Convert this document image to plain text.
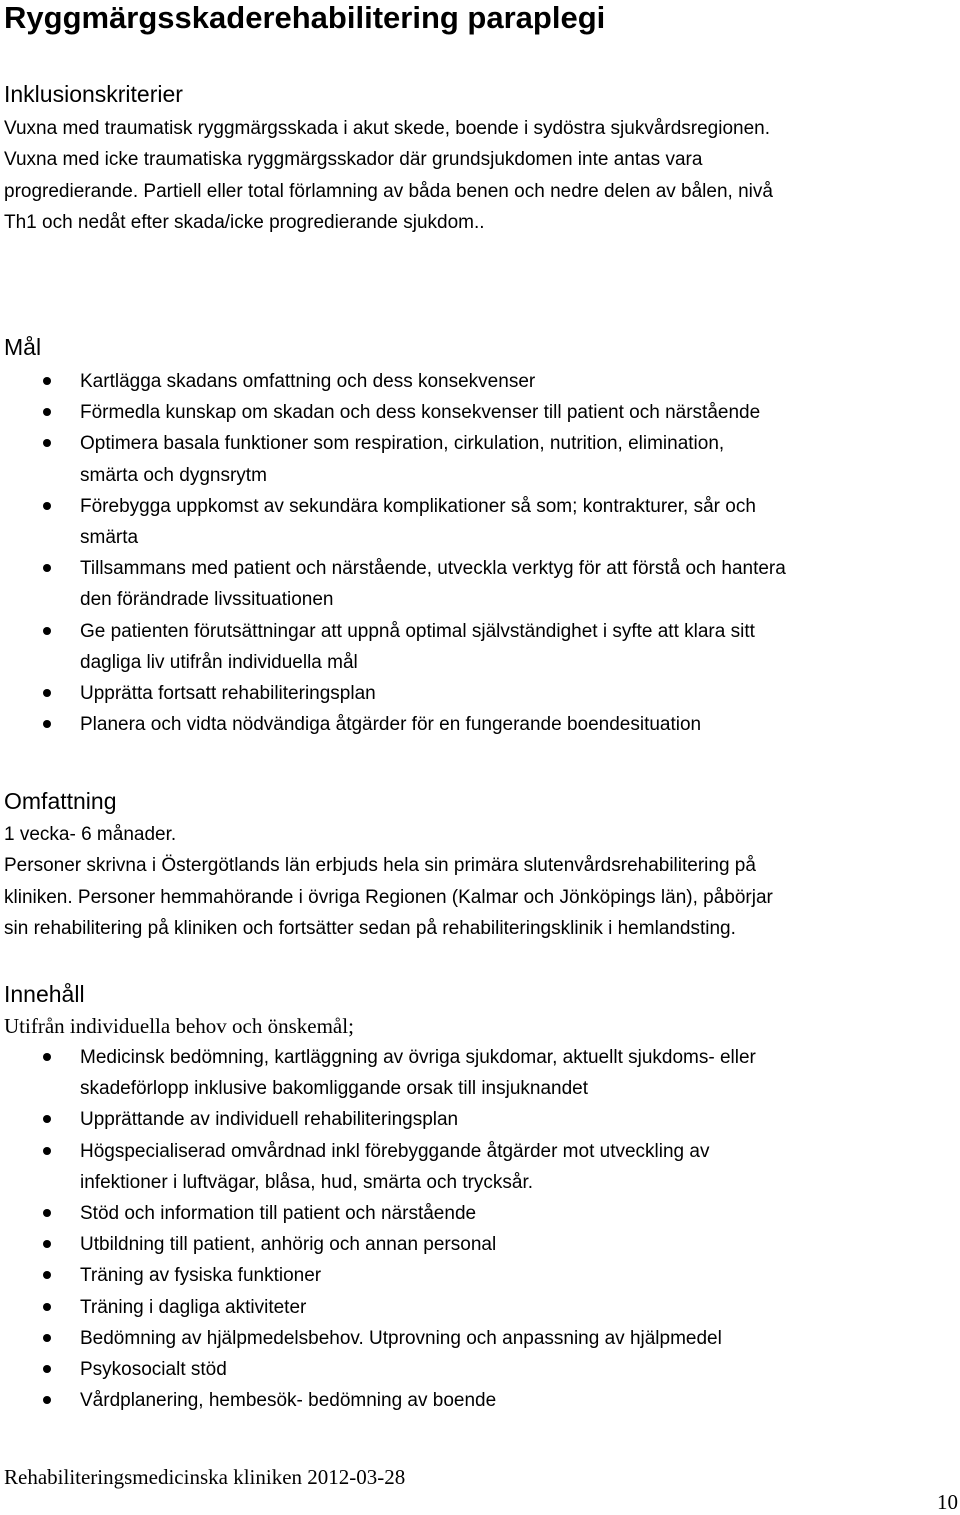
Ryggmärgsskaderehabilitering paraplegi
Inklusionskriterier
Vuxna med traumatisk ryggmärgsskada i akut skede, boende i sydöstra sjukvårdsregionen.
Vuxna med icke traumatiska ryggmärgsskador där grundsjukdomen inte antas vara
progredierande. Partiell eller total förlamning av båda benen och nedre delen av bålen, nivå
Th1 och nedåt efter skada/icke progredierande sjukdom..
Mål
Kartlägga skadans omfattning och dess konsekvenser
Förmedla kunskap om skadan och dess konsekvenser till patient och närstående
Optimera basala funktioner som respiration, cirkulation, nutrition, elimination,
smärta och dygnsrytm
Förebygga uppkomst av sekundära komplikationer så som; kontrakturer, sår och
smärta
Tillsammans med patient och närstående, utveckla verktyg för att förstå och hantera
den förändrade livssituationen
Ge patienten förutsättningar att uppnå optimal självständighet i syfte att klara sitt
dagliga liv utifrån individuella mål
Upprätta fortsatt rehabiliteringsplan
Planera och vidta nödvändiga åtgärder för en fungerande boendesituation
Omfattning
1 vecka- 6 månader.
Personer skrivna i Östergötlands län erbjuds hela sin primära slutenvårdsrehabilitering på
kliniken. Personer hemmahörande i övriga Regionen (Kalmar och Jönköpings län), påbörjar
sin rehabilitering på kliniken och fortsätter sedan på rehabiliteringsklinik i hemlandsting.
Innehåll
Utifrån individuella behov och önskemål;
Medicinsk bedömning, kartläggning av övriga sjukdomar, aktuellt sjukdoms- eller
skadeförlopp inklusive bakomliggande orsak till insjuknandet
Upprättande av individuell rehabiliteringsplan
Högspecialiserad omvårdnad inkl förebyggande åtgärder mot utveckling av
infektioner i luftvägar, blåsa, hud, smärta och trycksår.
Stöd och information till patient och närstående
Utbildning till patient, anhörig och annan personal
Träning av fysiska funktioner
Träning i dagliga aktiviteter
Bedömning av hjälpmedelsbehov. Utprovning och anpassning av hjälpmedel
Psykosocialt stöd
Vårdplanering, hembesök- bedömning av boende
Rehabiliteringsmedicinska kliniken 2012-03-28
10
